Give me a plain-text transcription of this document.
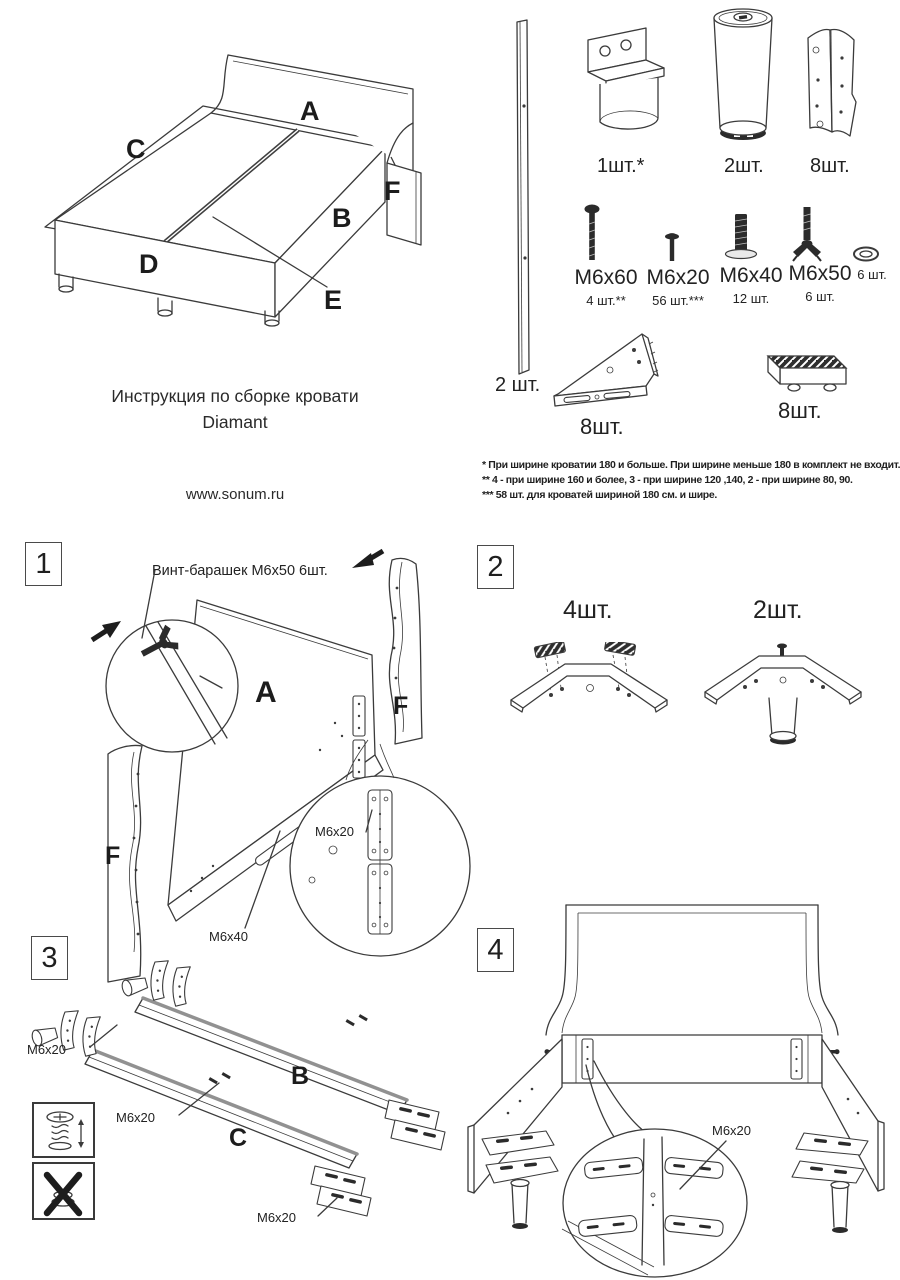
A
C
F
B
D
E
Инструкция по сборке кровати
Diamant
www.sonum.ru
2 шт.
1шт.*	2шт. 8шт.
М6х60
4 шт.**
М6х20
56 шт.***
М6х40
12 шт.
М6х50
6 шт.
6 шт.
8шт.
8шт.
* При ширине кроватии 180 и больше. При ширине меньше 180 в комплект не входит.
** 4 - при ширине 160 и более, 3 - при ширине 120 ,140, 2 - при ширине 80, 90.
*** 58 шт. для кроватей шириной 180 см. и шире.
1	Винт-барашек М6х50 6шт.
A	F
F
M6x20
M6x40
2
4шт.	2шт.
3
M6x20
B
M6x20
C
M6x20
4
M6x20
